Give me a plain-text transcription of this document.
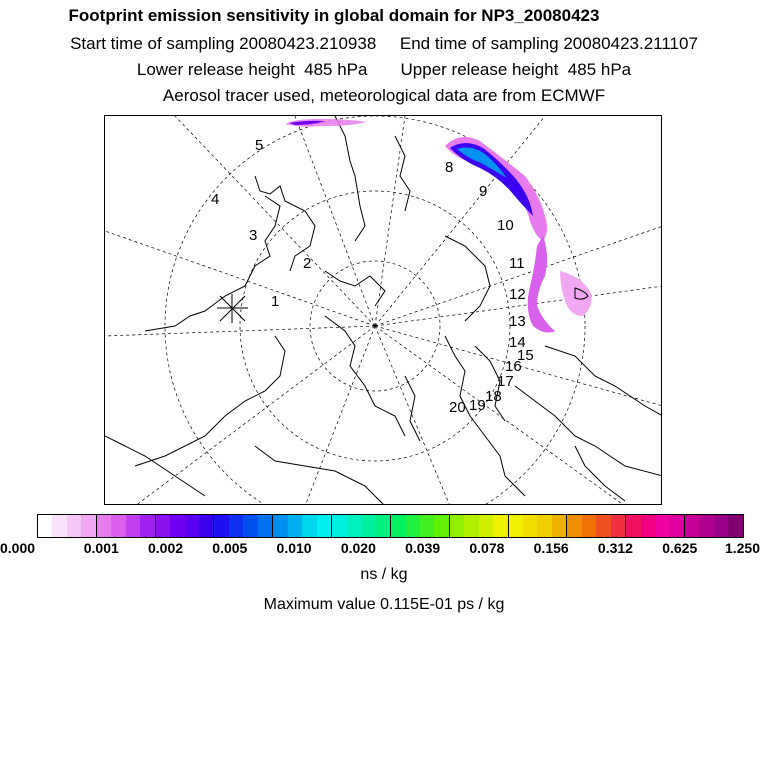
Footprint emission sensitivity in global domain for NP3_20080423
Start time of sampling 20080423.210938     End time of sampling 20080423.211107
Lower release height  485 hPa       Upper release height  485 hPa
Aerosol tracer used, meteorological data are from ECMWF
1
2
3
4
5
8
9
10
11
12
13
14
15
16
17
18
19
20
0.000	0.001 0.002 0.005 0.010 0.020 0.039 0.078 0.156 0.312 0.625 1.250
ns / kg
Maximum value 0.115E-01 ps / kg
